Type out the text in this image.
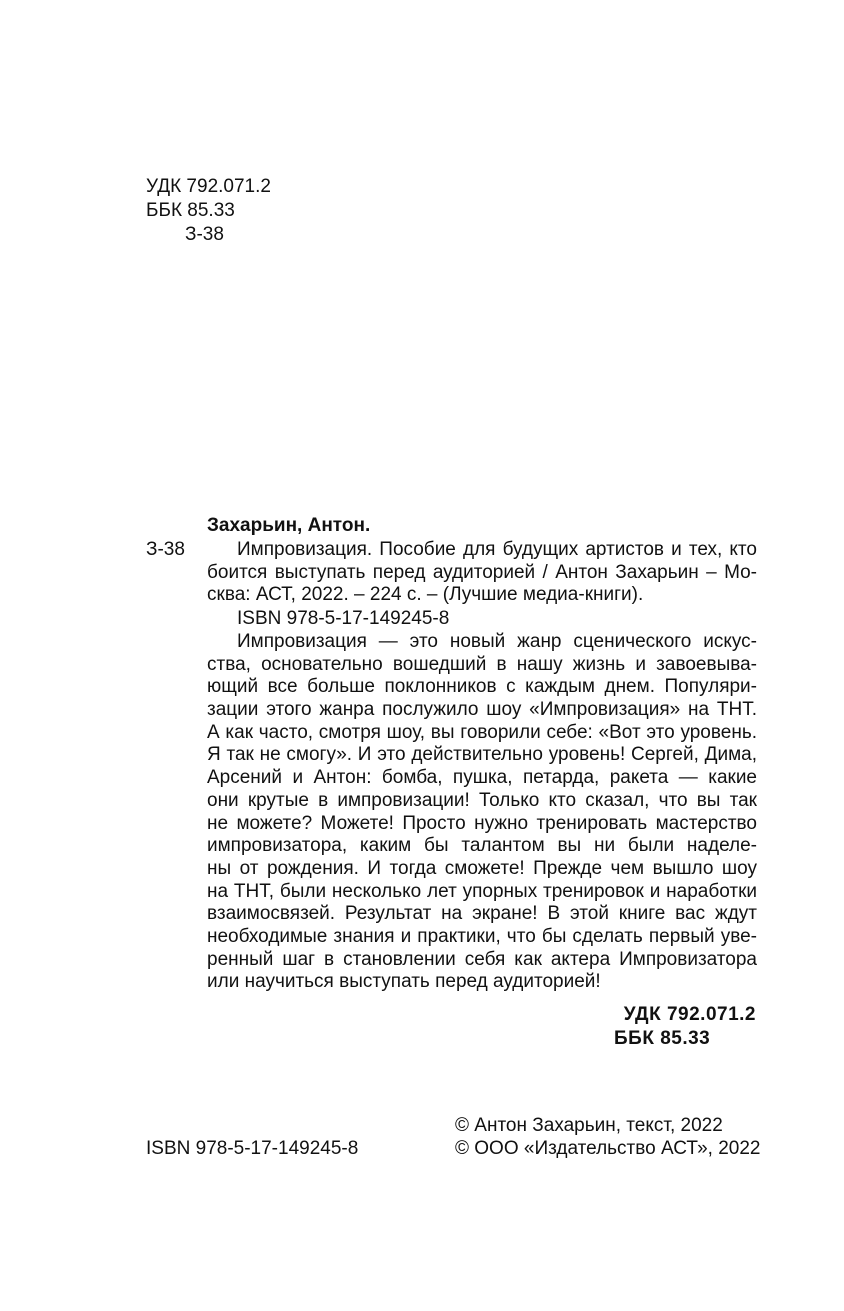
УДК 792.071.2
ББК 85.33
З-38
Захарьин, Антон.
З-38	Импровизация. Пособие для будущих артистов и тех, кто
боится выступать перед аудиторией / Антон Захарьин – Мо-
сква: АСТ, 2022. – 224 с. – (Лучшие медиа-книги).
ISBN 978-5-17-149245-8
Импровизация — это новый жанр сценического искус-
ства, основательно вошедший в нашу жизнь и завоевыва-
ющий все больше поклонников с каждым днем. Популяри-
зации этого жанра послужило шоу «Импровизация» на ТНТ.
А как часто, смотря шоу, вы говорили себе: «Вот это уровень.
Я так не смогу». И это действительно уровень! Сергей, Дима,
Арсений и Антон: бомба, пушка, петарда, ракета — какие
они крутые в импровизации! Только кто сказал, что вы так
не можете? Можете! Просто нужно тренировать мастерство
импровизатора, каким бы талантом вы ни были наделе-
ны от рождения. И тогда сможете! Прежде чем вышло шоу
на ТНТ, были несколько лет упорных тренировок и наработки
взаимосвязей. Результат на экране! В этой книге вас ждут
необходимые знания и практики, что бы сделать первый уве-
ренный шаг в становлении себя как актера Импровизатора
или научиться выступать перед аудиторией!
УДК 792.071.2
ББК 85.33
ISBN 978-5-17-149245-8
© Антон Захарьин, текст, 2022
© ООО «Издательство АСТ», 2022
